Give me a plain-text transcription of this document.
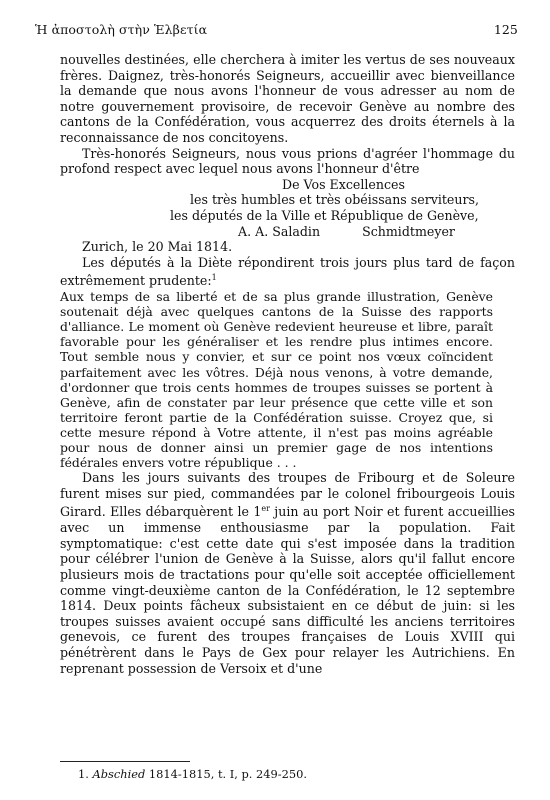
Ἡ ἀποστολὴ στὴν Ἑλβετία	125

nouvelles destinées, elle cherchera à imiter les vertus de ses nouveaux frères. Daignez, très-honorés Seigneurs, accueillir avec bienveillance la demande que nous avons l'honneur de vous adresser au nom de notre gouvernement provisoire, de recevoir Genève au nombre des cantons de la Confédération, vous acquerrez des droits éternels à la reconnaissance de nos concitoyens.

Très-honorés Seigneurs, nous vous prions d'agréer l'hommage du profond respect avec lequel nous avons l'honneur d'être

De Vos Excellences
les très humbles et très obéissans serviteurs,
les députés de la Ville et République de Genève,
A. A. Saladin	Schmidtmeyer

Zurich, le 20 Mai 1814.

Les députés à la Diète répondirent trois jours plus tard de façon extrêmement prudente:$^1$

Aux temps de sa liberté et de sa plus grande illustration, Genève soutenait déjà avec quelques cantons de la Suisse des rapports d'alliance. Le moment où Genève redevient heureuse et libre, paraît favorable pour les généraliser et les rendre plus intimes encore. Tout semble nous y convier, et sur ce point nos vœux coïncident parfaitement avec les vôtres. Déjà nous venons, à votre demande, d'ordonner que trois cents hommes de troupes suisses se portent à Genève, afin de constater par leur présence que cette ville et son territoire feront partie de la Confédération suisse. Croyez que, si cette mesure répond à Votre attente, il n'est pas moins agréable pour nous de donner ainsi un premier gage de nos intentions fédérales envers votre république . . .

Dans les jours suivants des troupes de Fribourg et de Soleure furent mises sur pied, commandées par le colonel fribourgeois Louis Girard. Elles débarquèrent le 1er juin au port Noir et furent accueillies avec un immense enthousiasme par la population. Fait symptomatique: c'est cette date qui s'est imposée dans la tradition pour célébrer l'union de Genève à la Suisse, alors qu'il fallut encore plusieurs mois de tractations pour qu'elle soit acceptée officiellement comme vingt-deuxième canton de la Confédération, le 12 septembre 1814. Deux points fâcheux subsistaient en ce début de juin: si les troupes suisses avaient occupé sans difficulté les anciens territoires genevois, ce furent des troupes françaises de Louis XVIII qui pénétrèrent dans le Pays de Gex pour relayer les Autrichiens. En reprenant possession de Versoix et d'une

1. Abschied 1814-1815, t. I, p. 249-250.
